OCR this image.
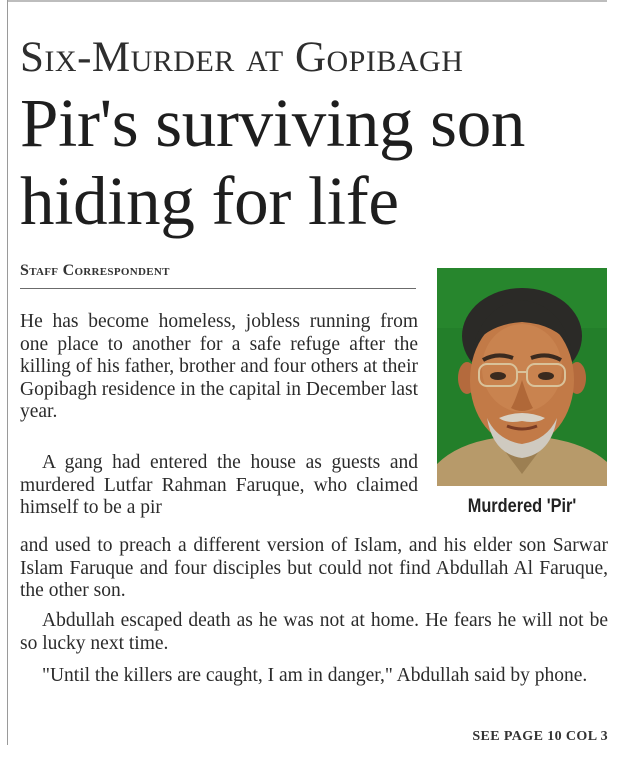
Six-Murder at Gopibagh
Pir's surviving son hiding for life
Staff Correspondent
Murdered 'Pir'

He has become homeless, jobless running from one place to another for a safe refuge after the killing of his father, brother and four others at their Gopibagh residence in the capital in December last year.

A gang had entered the house as guests and murdered Lutfar Rahman Faruque, who claimed himself to be a pir

and used to preach a different version of Islam, and his elder son Sarwar Islam Faruque and four disciples but could not find Abdullah Al Faruque, the other son.

Abdullah escaped death as he was not at home. He fears he will not be so lucky next time.

"Until the killers are caught, I am in danger," Abdullah said by phone.

SEE PAGE 10 COL 3
